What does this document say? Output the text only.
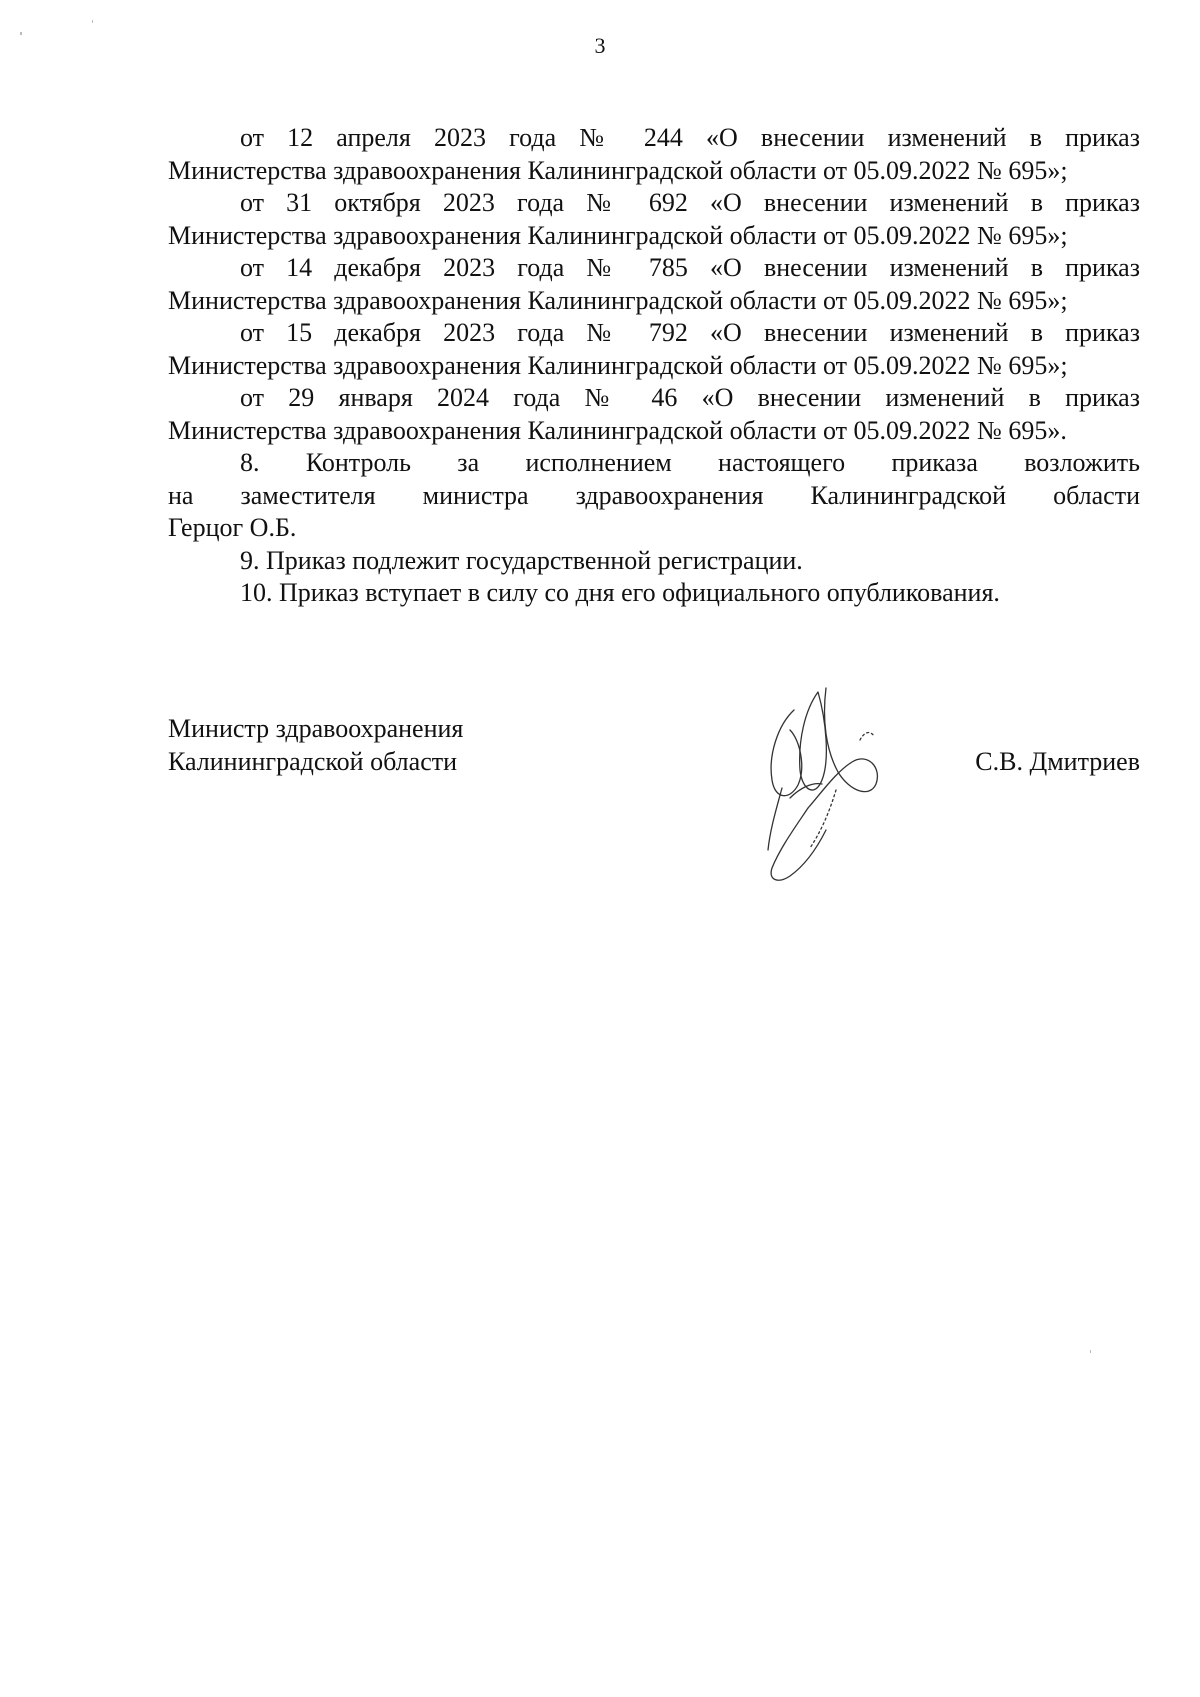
3

от 12 апреля 2023 года № 244 «О внесении изменений в приказ
Министерства здравоохранения Калининградской области от 05.09.2022 № 695»;

от 31 октября 2023 года № 692 «О внесении изменений в приказ
Министерства здравоохранения Калининградской области от 05.09.2022 № 695»;

от 14 декабря 2023 года № 785 «О внесении изменений в приказ
Министерства здравоохранения Калининградской области от 05.09.2022 № 695»;

от 15 декабря 2023 года № 792 «О внесении изменений в приказ
Министерства здравоохранения Калининградской области от 05.09.2022 № 695»;

от 29 января 2024 года № 46 «О внесении изменений в приказ
Министерства здравоохранения Калининградской области от 05.09.2022 № 695».

8. Контроль за исполнением настоящего приказа возложить
на заместителя министра здравоохранения Калининградской области
Герцог О.Б.

9. Приказ подлежит государственной регистрации.

10. Приказ вступает в силу со дня его официального опубликования.

Министр здравоохранения
Калининградской области	С.В. Дмитриев
